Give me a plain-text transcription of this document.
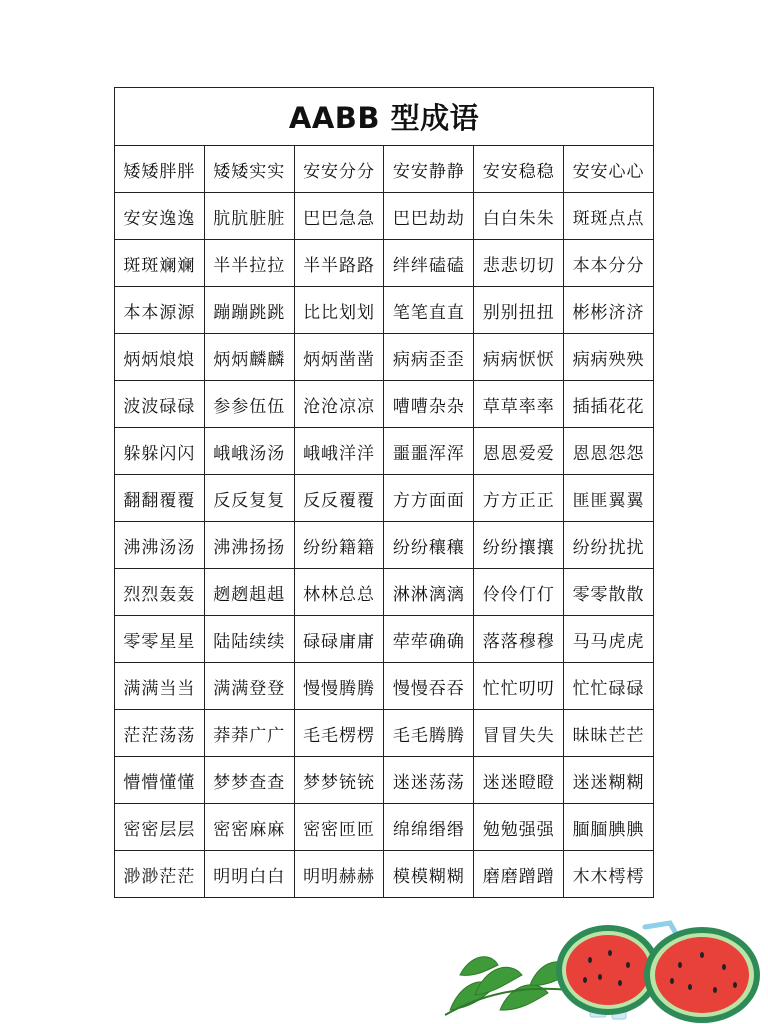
AABB 型成语					
矮矮胖胖	矮矮实实	安安分分	安安静静	安安稳稳	安安心心
安安逸逸	肮肮脏脏	巴巴急急	巴巴劫劫	白白朱朱	斑斑点点
斑斑斓斓	半半拉拉	半半路路	绊绊磕磕	悲悲切切	本本分分
本本源源	蹦蹦跳跳	比比划划	笔笔直直	别别扭扭	彬彬济济
炳炳烺烺	炳炳麟麟	炳炳凿凿	病病歪歪	病病恹恹	病病殃殃
波波碌碌	参参伍伍	沧沧凉凉	嘈嘈杂杂	草草率率	插插花花
躲躲闪闪	峨峨汤汤	峨峨洋洋	噩噩浑浑	恩恩爱爱	恩恩怨怨
翻翻覆覆	反反复复	反反覆覆	方方面面	方方正正	匪匪翼翼
沸沸汤汤	沸沸扬扬	纷纷籍籍	纷纷穰穰	纷纷攘攘	纷纷扰扰
烈烈轰轰	趔趔趄趄	林林总总	淋淋漓漓	伶伶仃仃	零零散散
零零星星	陆陆续续	碌碌庸庸	荦荦确确	落落穆穆	马马虎虎
满满当当	满满登登	慢慢腾腾	慢慢吞吞	忙忙叨叨	忙忙碌碌
茫茫荡荡	莽莽广广	毛毛楞楞	毛毛腾腾	冒冒失失	昧昧芒芒
懵懵懂懂	梦梦查查	梦梦铳铳	迷迷荡荡	迷迷瞪瞪	迷迷糊糊
密密层层	密密麻麻	密密匝匝	绵绵缗缗	勉勉强强	腼腼腆腆
渺渺茫茫	明明白白	明明赫赫	模模糊糊	磨磨蹭蹭	木木樗樗
